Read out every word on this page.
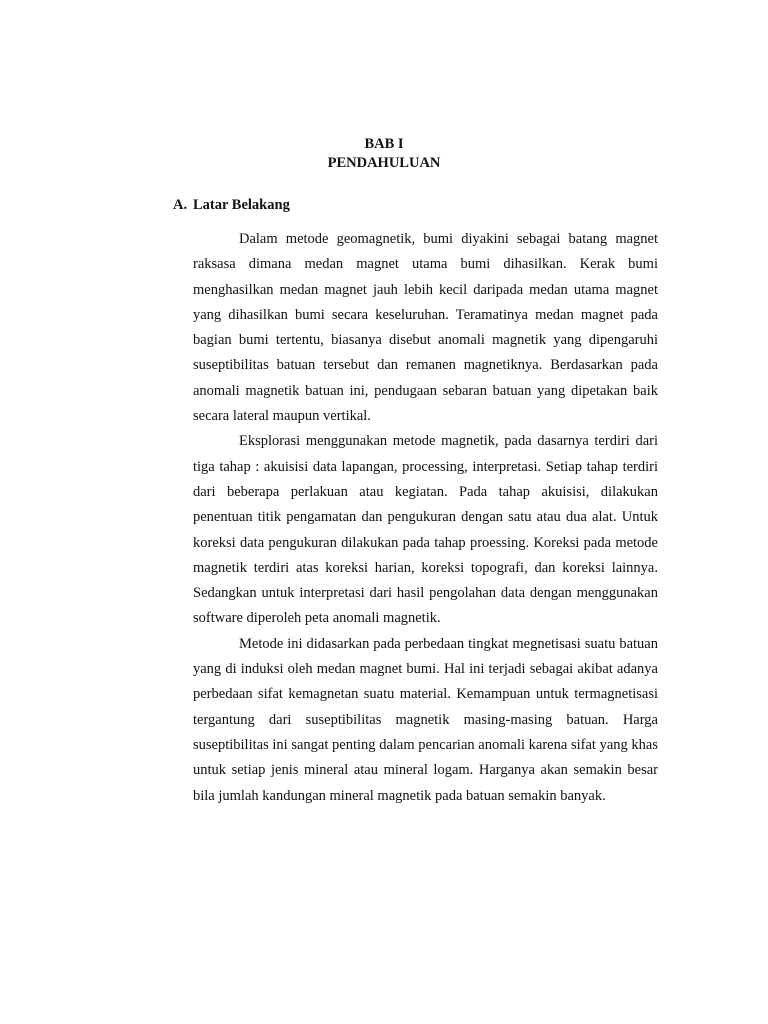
BAB I
PENDAHULUAN
A. Latar Belakang

Dalam metode geomagnetik, bumi diyakini sebagai batang magnet raksasa dimana medan magnet utama bumi dihasilkan. Kerak bumi menghasilkan medan magnet jauh lebih kecil daripada medan utama magnet yang dihasilkan bumi secara keseluruhan. Teramatinya medan magnet pada bagian bumi tertentu, biasanya disebut anomali magnetik yang dipengaruhi suseptibilitas batuan tersebut dan remanen magnetiknya. Berdasarkan pada anomali magnetik batuan ini, pendugaan sebaran batuan yang dipetakan baik secara lateral maupun vertikal.

Eksplorasi menggunakan metode magnetik, pada dasarnya terdiri dari tiga tahap : akuisisi data lapangan, processing, interpretasi. Setiap tahap terdiri dari beberapa perlakuan atau kegiatan. Pada tahap akuisisi, dilakukan penentuan titik pengamatan dan pengukuran dengan satu atau dua alat. Untuk koreksi data pengukuran dilakukan pada tahap proessing. Koreksi pada metode magnetik terdiri atas koreksi harian, koreksi topografi, dan koreksi lainnya. Sedangkan untuk interpretasi dari hasil pengolahan data dengan menggunakan software diperoleh peta anomali magnetik.

Metode ini didasarkan pada perbedaan tingkat megnetisasi suatu batuan yang di induksi oleh medan magnet bumi. Hal ini terjadi sebagai akibat adanya perbedaan sifat kemagnetan suatu material. Kemampuan untuk termagnetisasi tergantung dari suseptibilitas magnetik masing-masing batuan. Harga suseptibilitas ini sangat penting dalam pencarian anomali karena sifat yang khas untuk setiap jenis mineral atau mineral logam. Harganya akan semakin besar bila jumlah kandungan mineral magnetik pada batuan semakin banyak.
